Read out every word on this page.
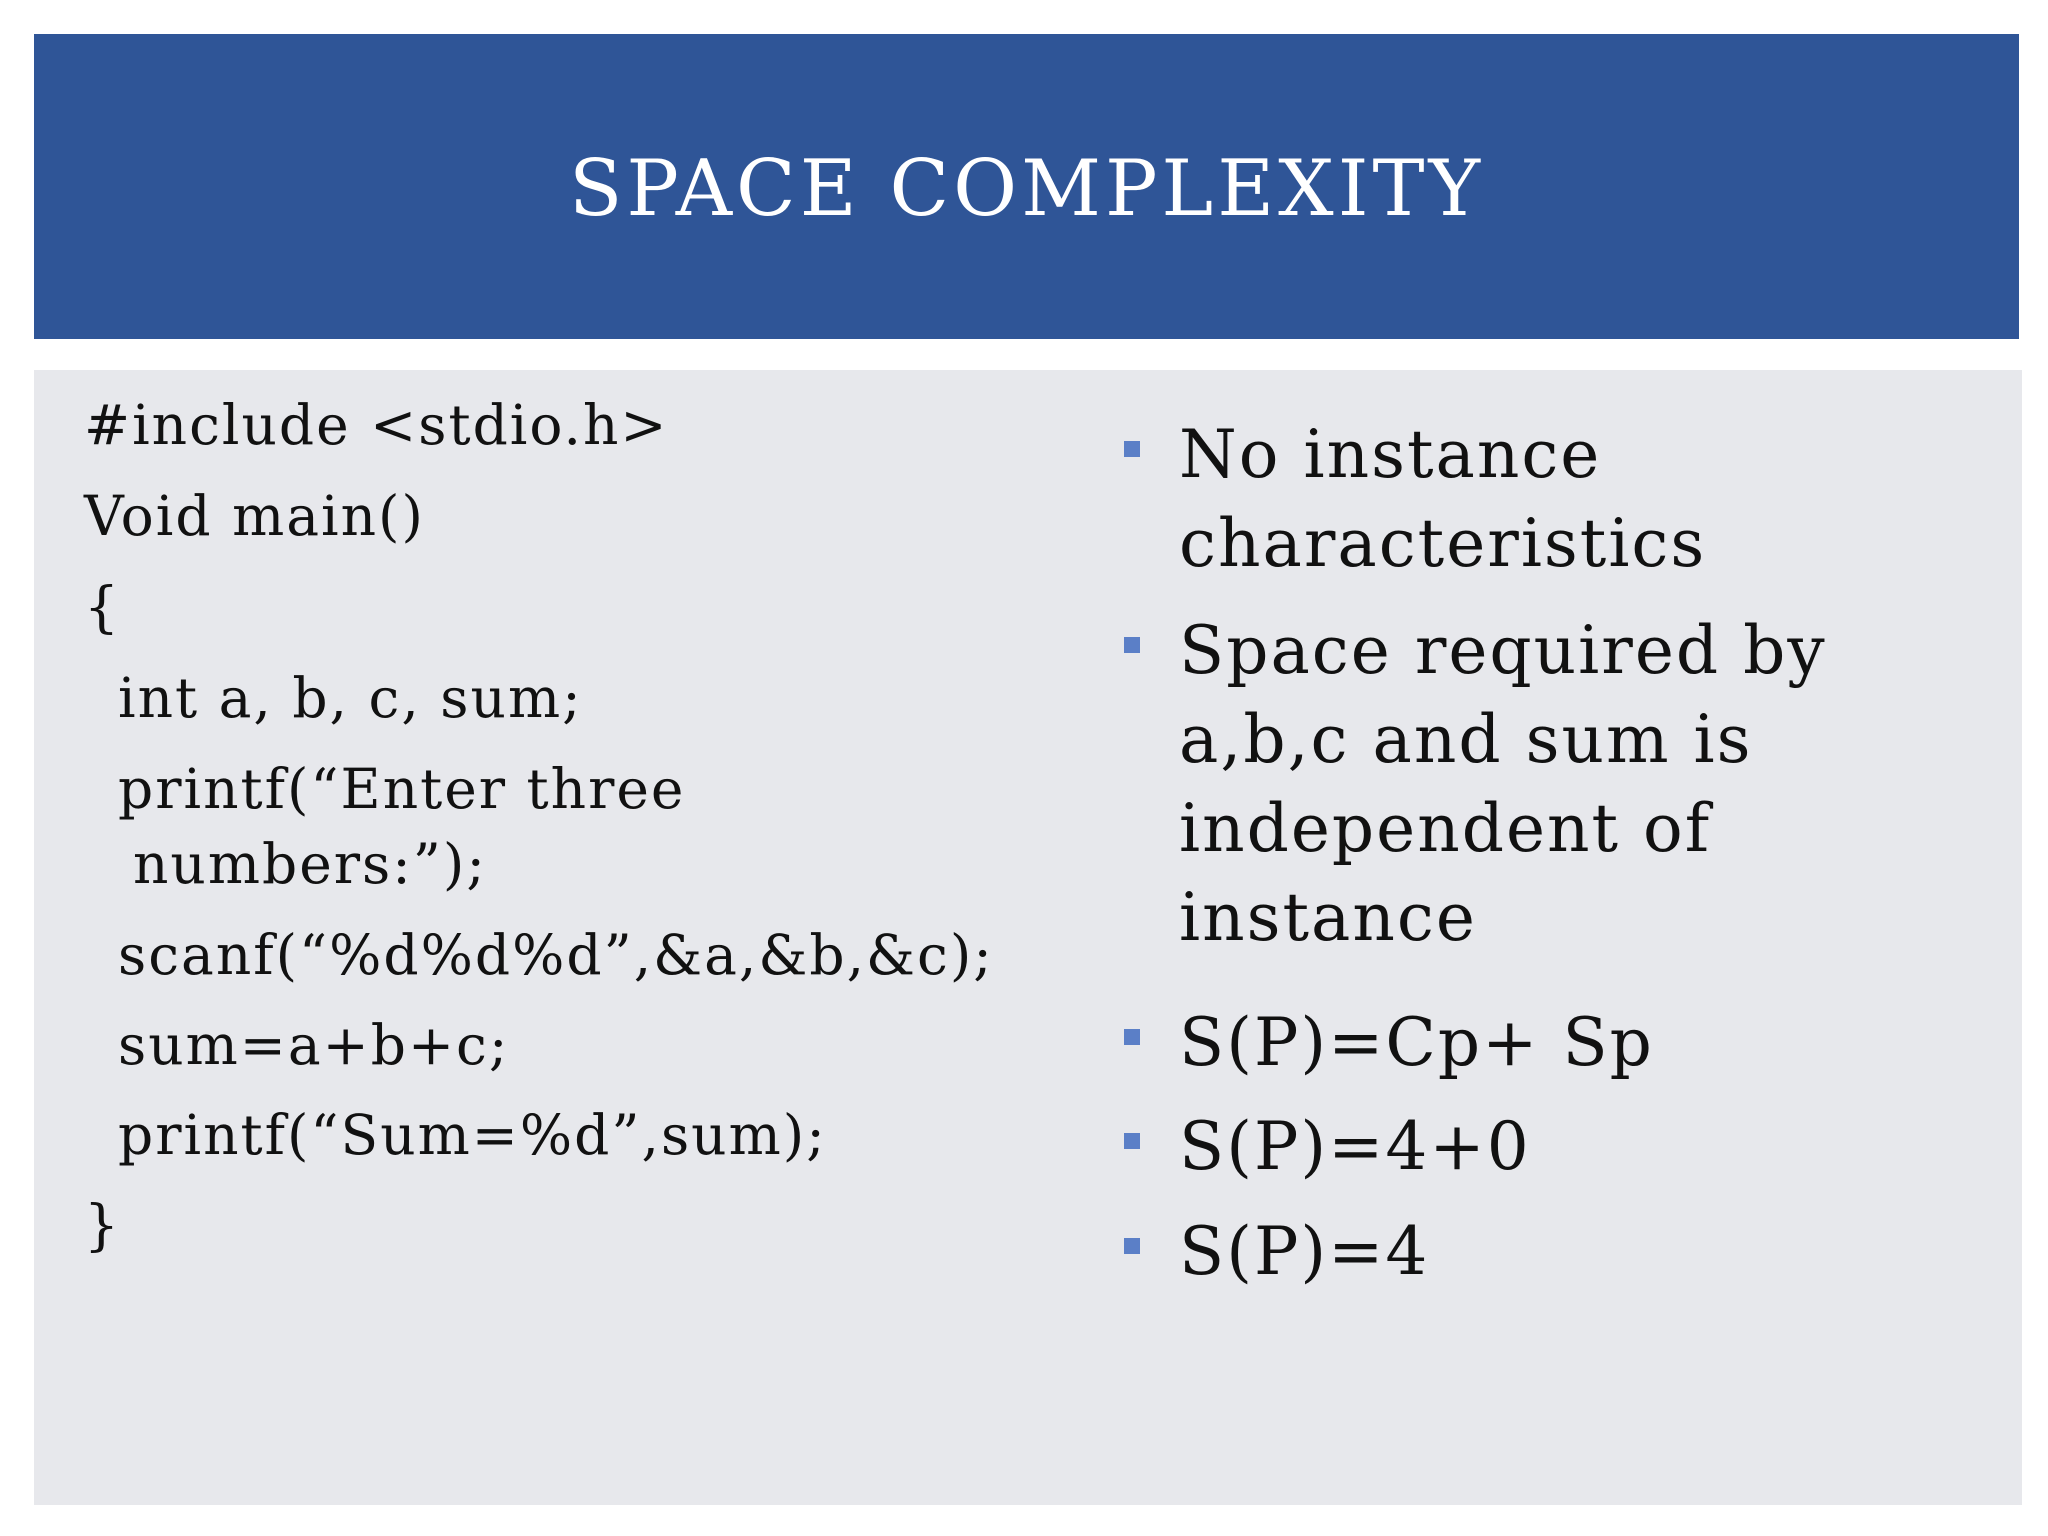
SPACE COMPLEXITY
#include <stdio.h>
Void main()
{
int a, b, c, sum;
printf(“Enter three
numbers:”);
scanf(“%d%d%d”,&a,&b,&c);
sum=a+b+c;
printf(“Sum=%d”,sum);
}
No instance characteristics
Space required by a,b,c and sum is independent of instance
S(P)=Cp+ Sp
S(P)=4+0
S(P)=4
